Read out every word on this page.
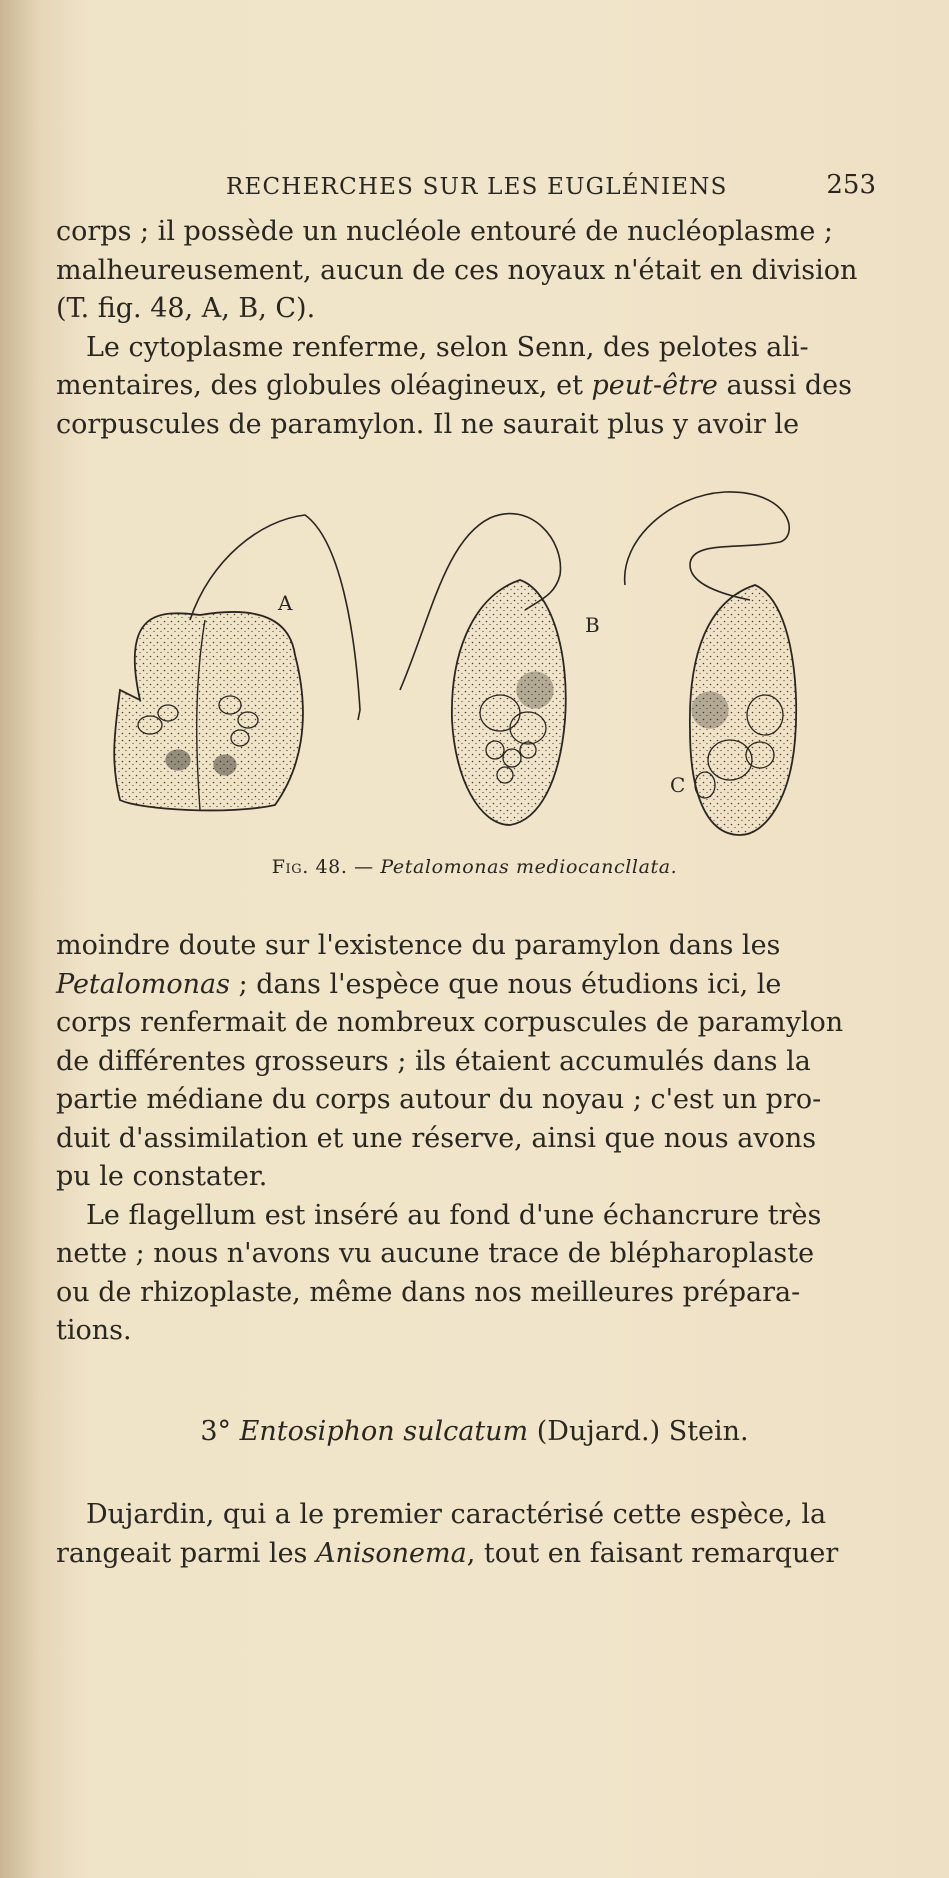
RECHERCHES SUR LES EUGLÉNIENS	253

corps ; il possède un nucléole entouré de nucléoplasme ;
malheureusement, aucun de ces noyaux n'était en division
(T. fig. 48, A, B, C).

Le cytoplasme renferme, selon Senn, des pelotes ali-
mentaires, des globules oléagineux, et peut-être aussi des
corpuscules de paramylon. Il ne saurait plus y avoir le

A
B
C
Fig. 48. — Petalomonas mediocancllata.

moindre doute sur l'existence du paramylon dans les
Petalomonas ; dans l'espèce que nous étudions ici, le
corps renfermait de nombreux corpuscules de paramylon
de différentes grosseurs ; ils étaient accumulés dans la
partie médiane du corps autour du noyau ; c'est un pro-
duit d'assimilation et une réserve, ainsi que nous avons
pu le constater.

Le flagellum est inséré au fond d'une échancrure très
nette ; nous n'avons vu aucune trace de blépharoplaste
ou de rhizoplaste, même dans nos meilleures prépara-
tions.

3° Entosiphon sulcatum (Dujard.) Stein.

Dujardin, qui a le premier caractérisé cette espèce, la
rangeait parmi les Anisonema, tout en faisant remarquer
